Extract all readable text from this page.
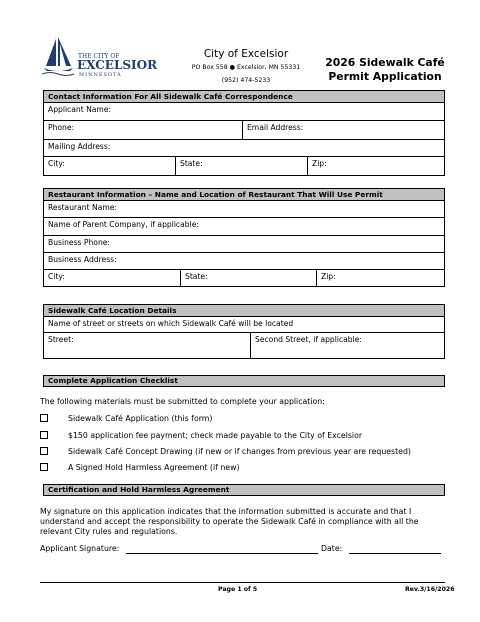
THE CITY OF
EXCELSIOR
MINNESOTA
City of Excelsior
PO Box 558 ● Excelsior, MN 55331
(952) 474-5233
2026 Sidewalk Café
Permit Application
Contact Information For All Sidewalk Café Correspondence
Applicant Name:
Phone:	Email Address:
Mailing Address:
City:	State:	Zip:
Restaurant Information – Name and Location of Restaurant That Will Use Permit
Restaurant Name:
Name of Parent Company, if applicable:
Business Phone:
Business Address:
City:	State:	Zip:
Sidewalk Café Location Details
Name of street or streets on which Sidewalk Café will be located
Street:	Second Street, if applicable:
Complete Application Checklist
The following materials must be submitted to complete your application:
Sidewalk Café Application (this form)
$150 application fee payment; check made payable to the City of Excelsior
Sidewalk Café Concept Drawing (if new or if changes from previous year are requested)
A Signed Hold Harmless Agreement (if new)
Certification and Hold Harmless Agreement
My signature on this application indicates that the information submitted is accurate and that I understand and accept the responsibility to operate the Sidewalk Café in compliance with all the relevant City rules and regulations.
Applicant Signature:	Date:
Page 1 of 5	Rev.3/16/2026
